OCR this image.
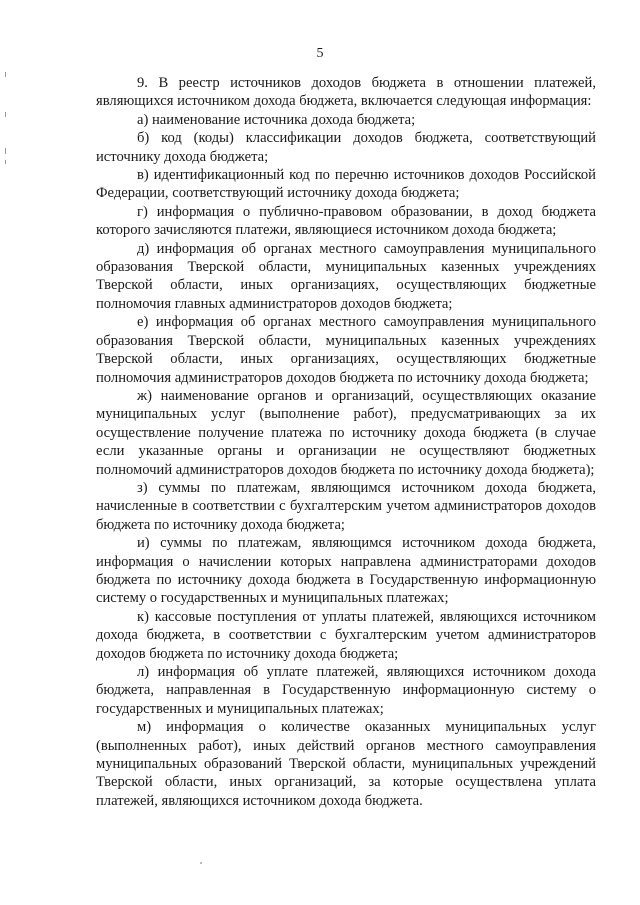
5

9. В реестр источников доходов бюджета в отношении платежей, являющихся источником дохода бюджета, включается следующая информация:

а) наименование источника дохода бюджета;

б) код (коды) классификации доходов бюджета, соответствующий источнику дохода бюджета;

в) идентификационный код по перечню источников доходов Российской Федерации, соответствующий источнику дохода бюджета;

г) информация о публично-правовом образовании, в доход бюджета которого зачисляются платежи, являющиеся источником дохода бюджета;

д) информация об органах местного самоуправления муниципального образования Тверской области, муниципальных казенных учреждениях Тверской области, иных организациях, осуществляющих бюджетные полномочия главных администраторов доходов бюджета;

е) информация об органах местного самоуправления муниципального образования Тверской области, муниципальных казенных учреждениях Тверской области, иных организациях, осуществляющих бюджетные полномочия администраторов доходов бюджета по источнику дохода бюджета;

ж) наименование органов и организаций, осуществляющих оказание муниципальных услуг (выполнение работ), предусматривающих за их осуществление получение платежа по источнику дохода бюджета (в случае если указанные органы и организации не осуществляют бюджетных полномочий администраторов доходов бюджета по источнику дохода бюджета);

з) суммы по платежам, являющимся источником дохода бюджета, начисленные в соответствии с бухгалтерским учетом администраторов доходов бюджета по источнику дохода бюджета;

и) суммы по платежам, являющимся источником дохода бюджета, информация о начислении которых направлена администраторами доходов бюджета по источнику дохода бюджета в Государственную информационную систему о государственных и муниципальных платежах;

к) кассовые поступления от уплаты платежей, являющихся источником дохода бюджета, в соответствии с бухгалтерским учетом администраторов доходов бюджета по источнику дохода бюджета;

л) информация об уплате платежей, являющихся источником дохода бюджета, направленная в Государственную информационную систему о государственных и муниципальных платежах;

м) информация о количестве оказанных муниципальных услуг (выполненных работ), иных действий органов местного самоуправления муниципальных образований Тверской области, муниципальных учреждений Тверской области, иных организаций, за которые осуществлена уплата платежей, являющихся источником дохода бюджета.
